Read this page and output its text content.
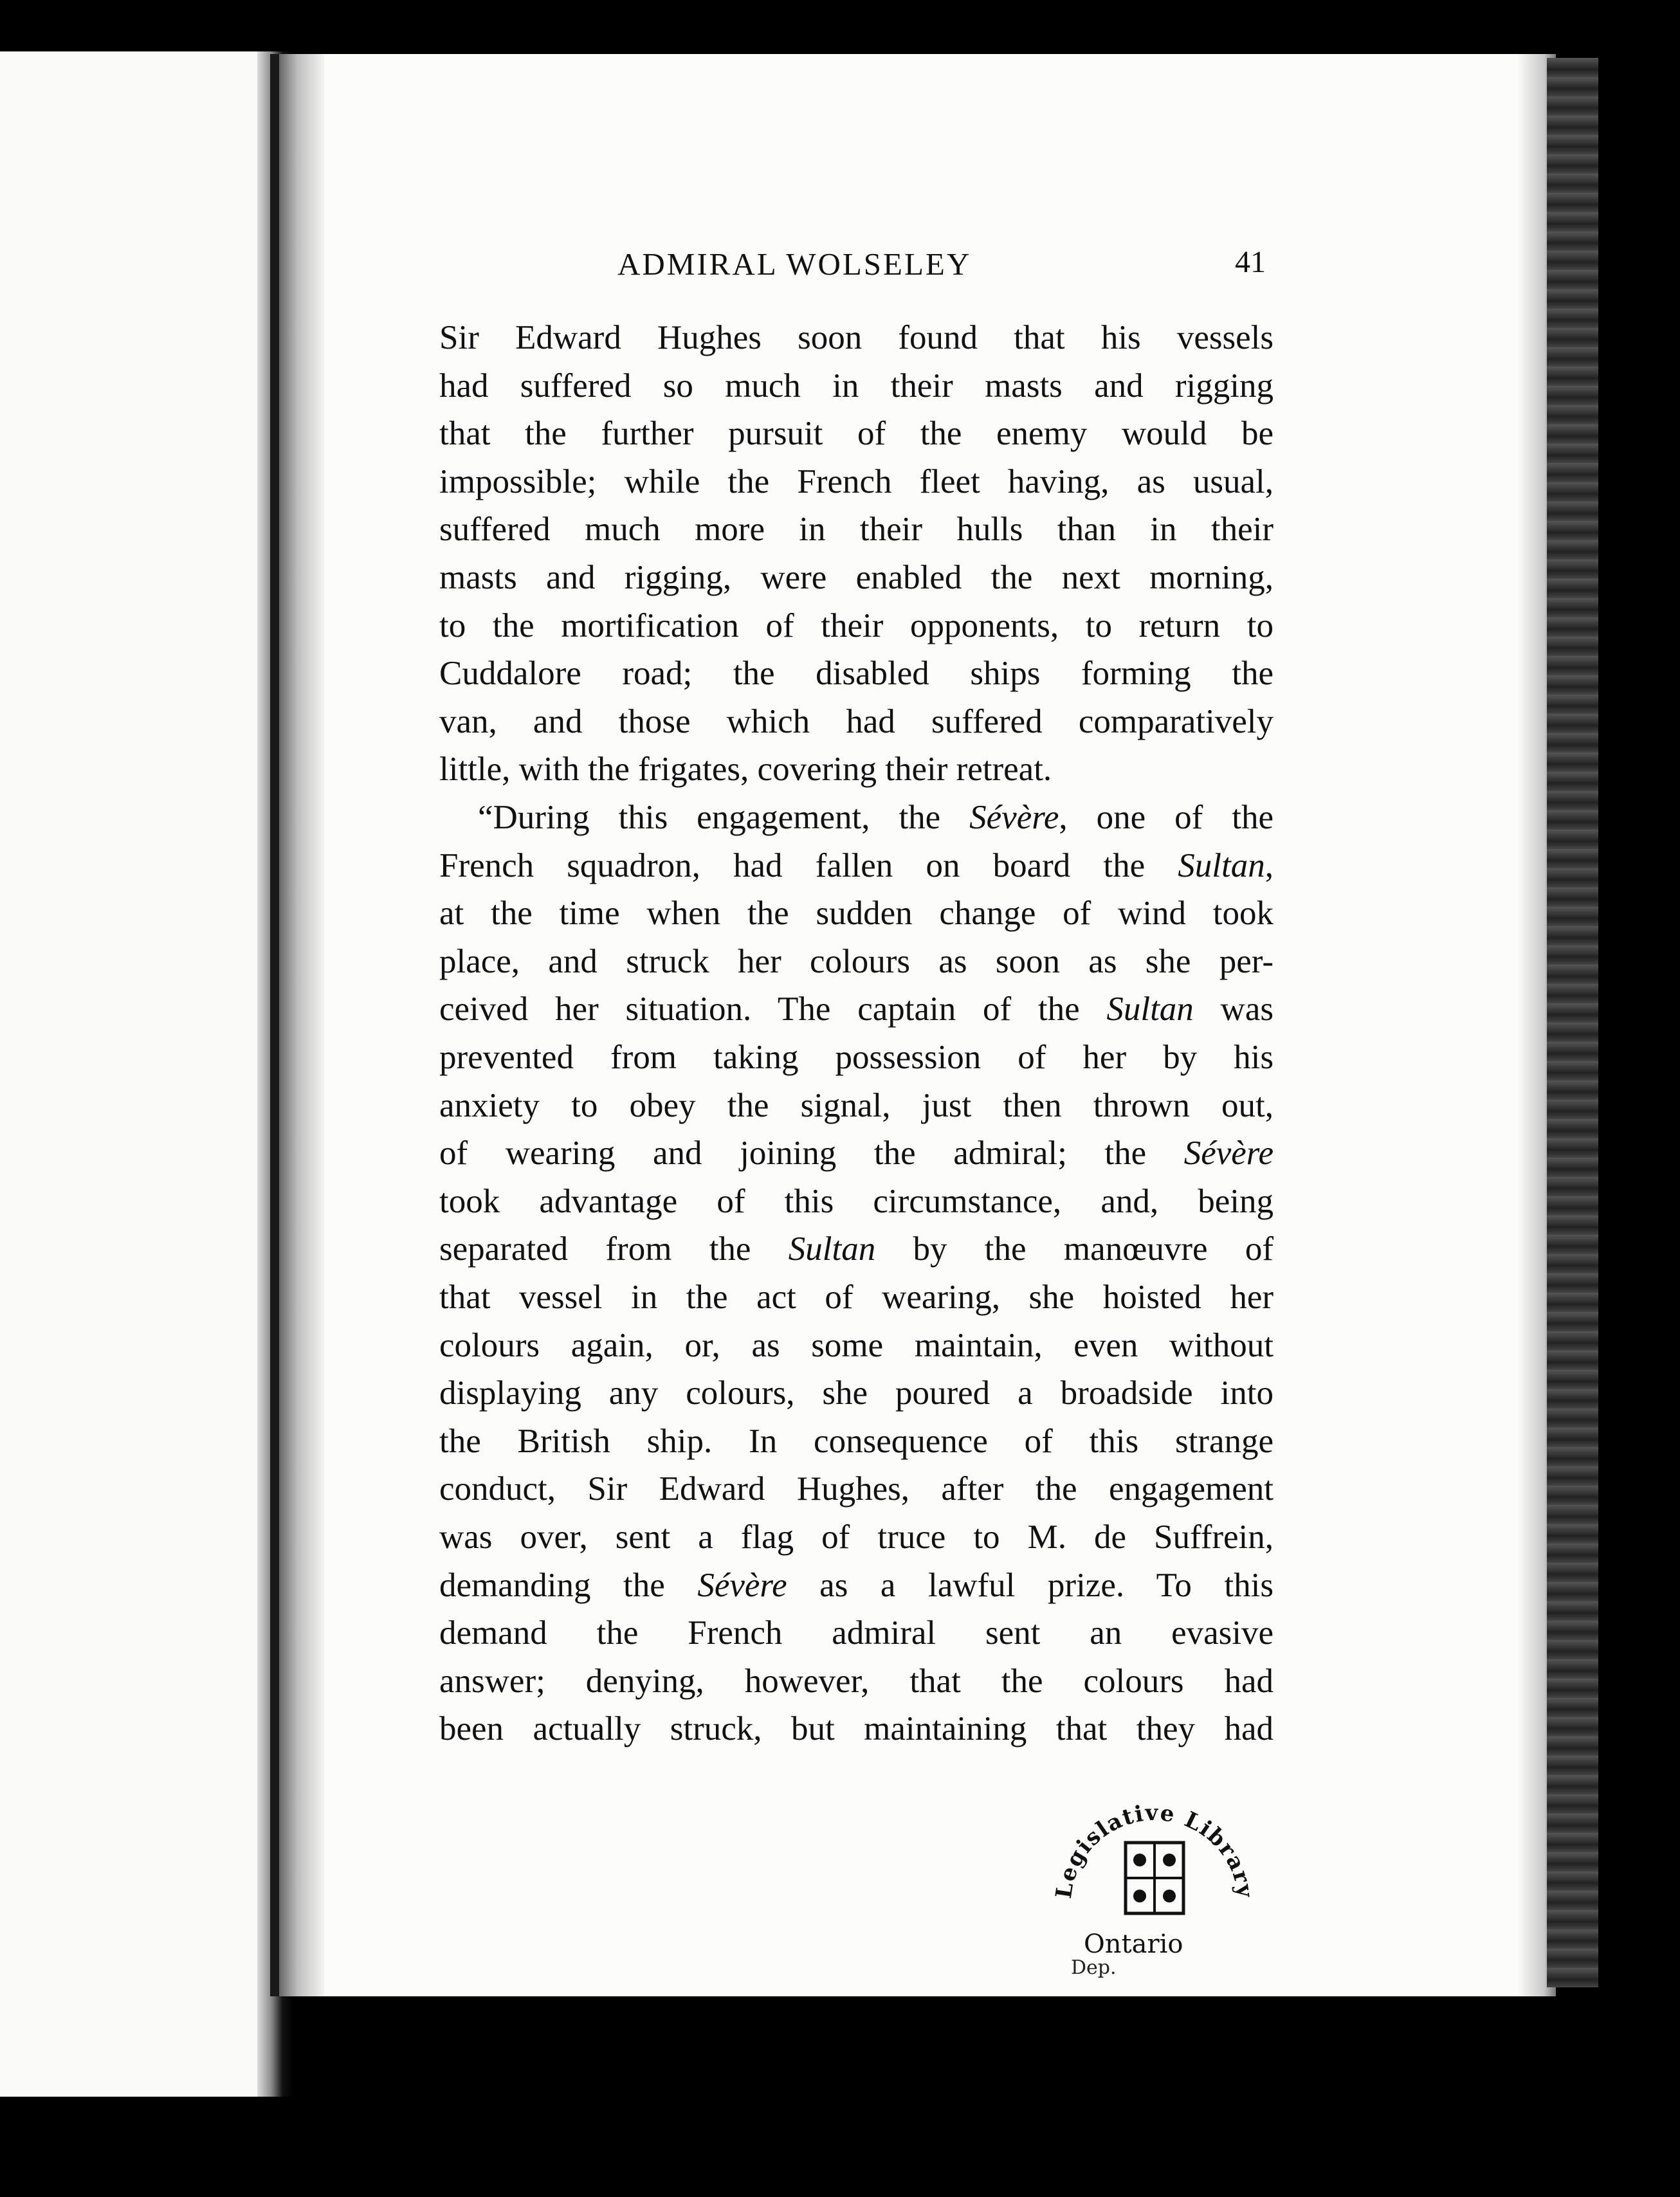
ADMIRAL WOLSELEY	41
Sir Edward Hughes soon found that his vessels
had suffered so much in their masts and rigging
that the further pursuit of the enemy would be
impossible; while the French fleet having, as usual,
suffered much more in their hulls than in their
masts and rigging, were enabled the next morning,
to the mortification of their opponents, to return to
Cuddalore road; the disabled ships forming the
van, and those which had suffered comparatively
little, with the frigates, covering their retreat.
“During this engagement, the Sévère, one of the
French squadron, had fallen on board the Sultan,
at the time when the sudden change of wind took
place, and struck her colours as soon as she per-
ceived her situation. The captain of the Sultan was
prevented from taking possession of her by his
anxiety to obey the signal, just then thrown out,
of wearing and joining the admiral; the Sévère
took advantage of this circumstance, and, being
separated from the Sultan by the manœuvre of
that vessel in the act of wearing, she hoisted her
colours again, or, as some maintain, even without
displaying any colours, she poured a broadside into
the British ship. In consequence of this strange
conduct, Sir Edward Hughes, after the engagement
was over, sent a flag of truce to M. de Suffrein,
demanding the Sévère as a lawful prize. To this
demand the French admiral sent an evasive
answer; denying, however, that the colours had
been actually struck, but maintaining that they had
Legislative Library
Ontario
Dep.
